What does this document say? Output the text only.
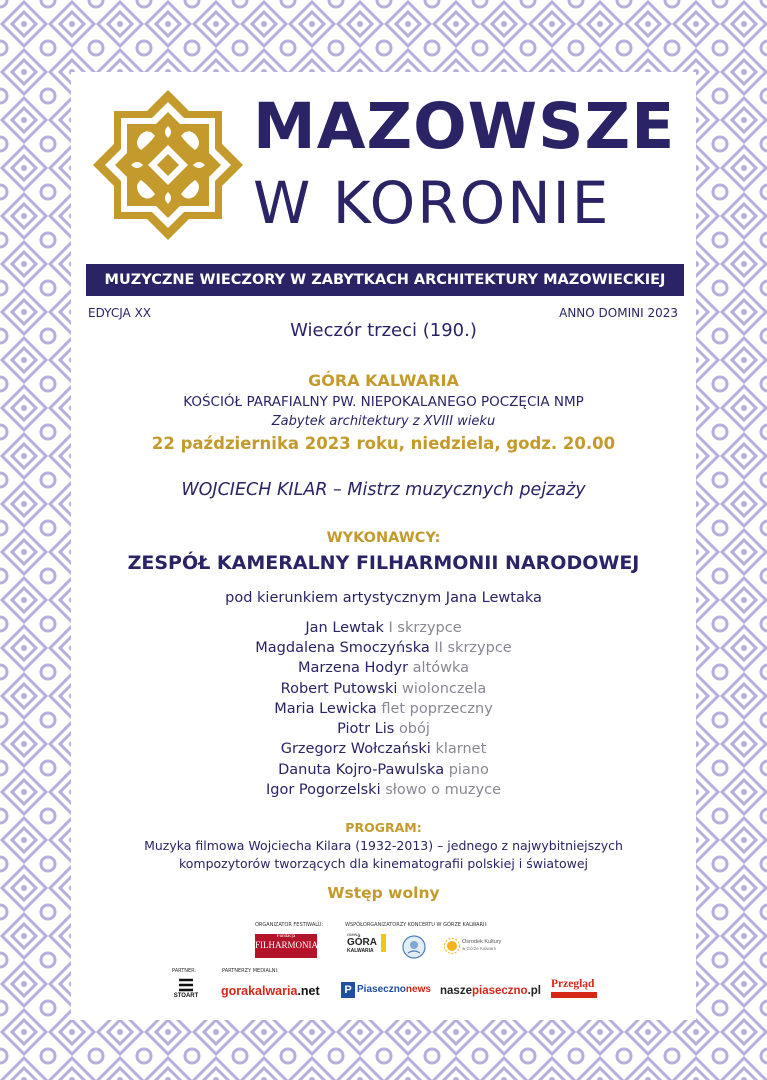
MAZOWSZE
W KORONIE
MUZYCZNE WIECZORY W ZABYTKACH ARCHITEKTURY MAZOWIECKIEJ
EDYCJA XX	ANNO DOMINI 2023
Wieczór trzeci (190.)
GÓRA KALWARIA
KOŚCIÓŁ PARAFIALNY PW. NIEPOKALANEGO POCZĘCIA NMP
Zabytek architektury z XVIII wieku
22 października 2023 roku, niedziela, godz. 20.00
WOJCIECH KILAR – Mistrz muzycznych pejzaży
WYKONAWCY:
ZESPÓŁ KAMERALNY FILHARMONII NARODOWEJ
pod kierunkiem artystycznym Jana Lewtaka
Jan Lewtak I skrzypce
Magdalena Smoczyńska II skrzypce
Marzena Hodyr altówka
Robert Putowski wiolonczela
Maria Lewicka flet poprzeczny
Piotr Lis obój
Grzegorz Wołczański klarnet
Danuta Kojro-Pawulska piano
Igor Pogorzelski słowo o muzyce
PROGRAM:
Muzyka filmowa Wojciecha Kilara (1932-2013) – jednego z najwybitniejszych
kompozytorów tworzących dla kinematografii polskiej i światowej
Wstęp wolny
ORGANIZATOR FESTIWALU:	WSPÓŁORGANIZATORZY KONCERTU W GÓRZE KALWARII:
Fundacja
FILHARMONIA
GMINA
GÓRA
KALWARIA
Ośrodek Kultury
w Górze Kalwarii
PARTNER:	PARTNERZY MEDIALNI:
STOART gorakalwaria.net	P Piasecznonews naszepiaseczno.pl
Przegląd
